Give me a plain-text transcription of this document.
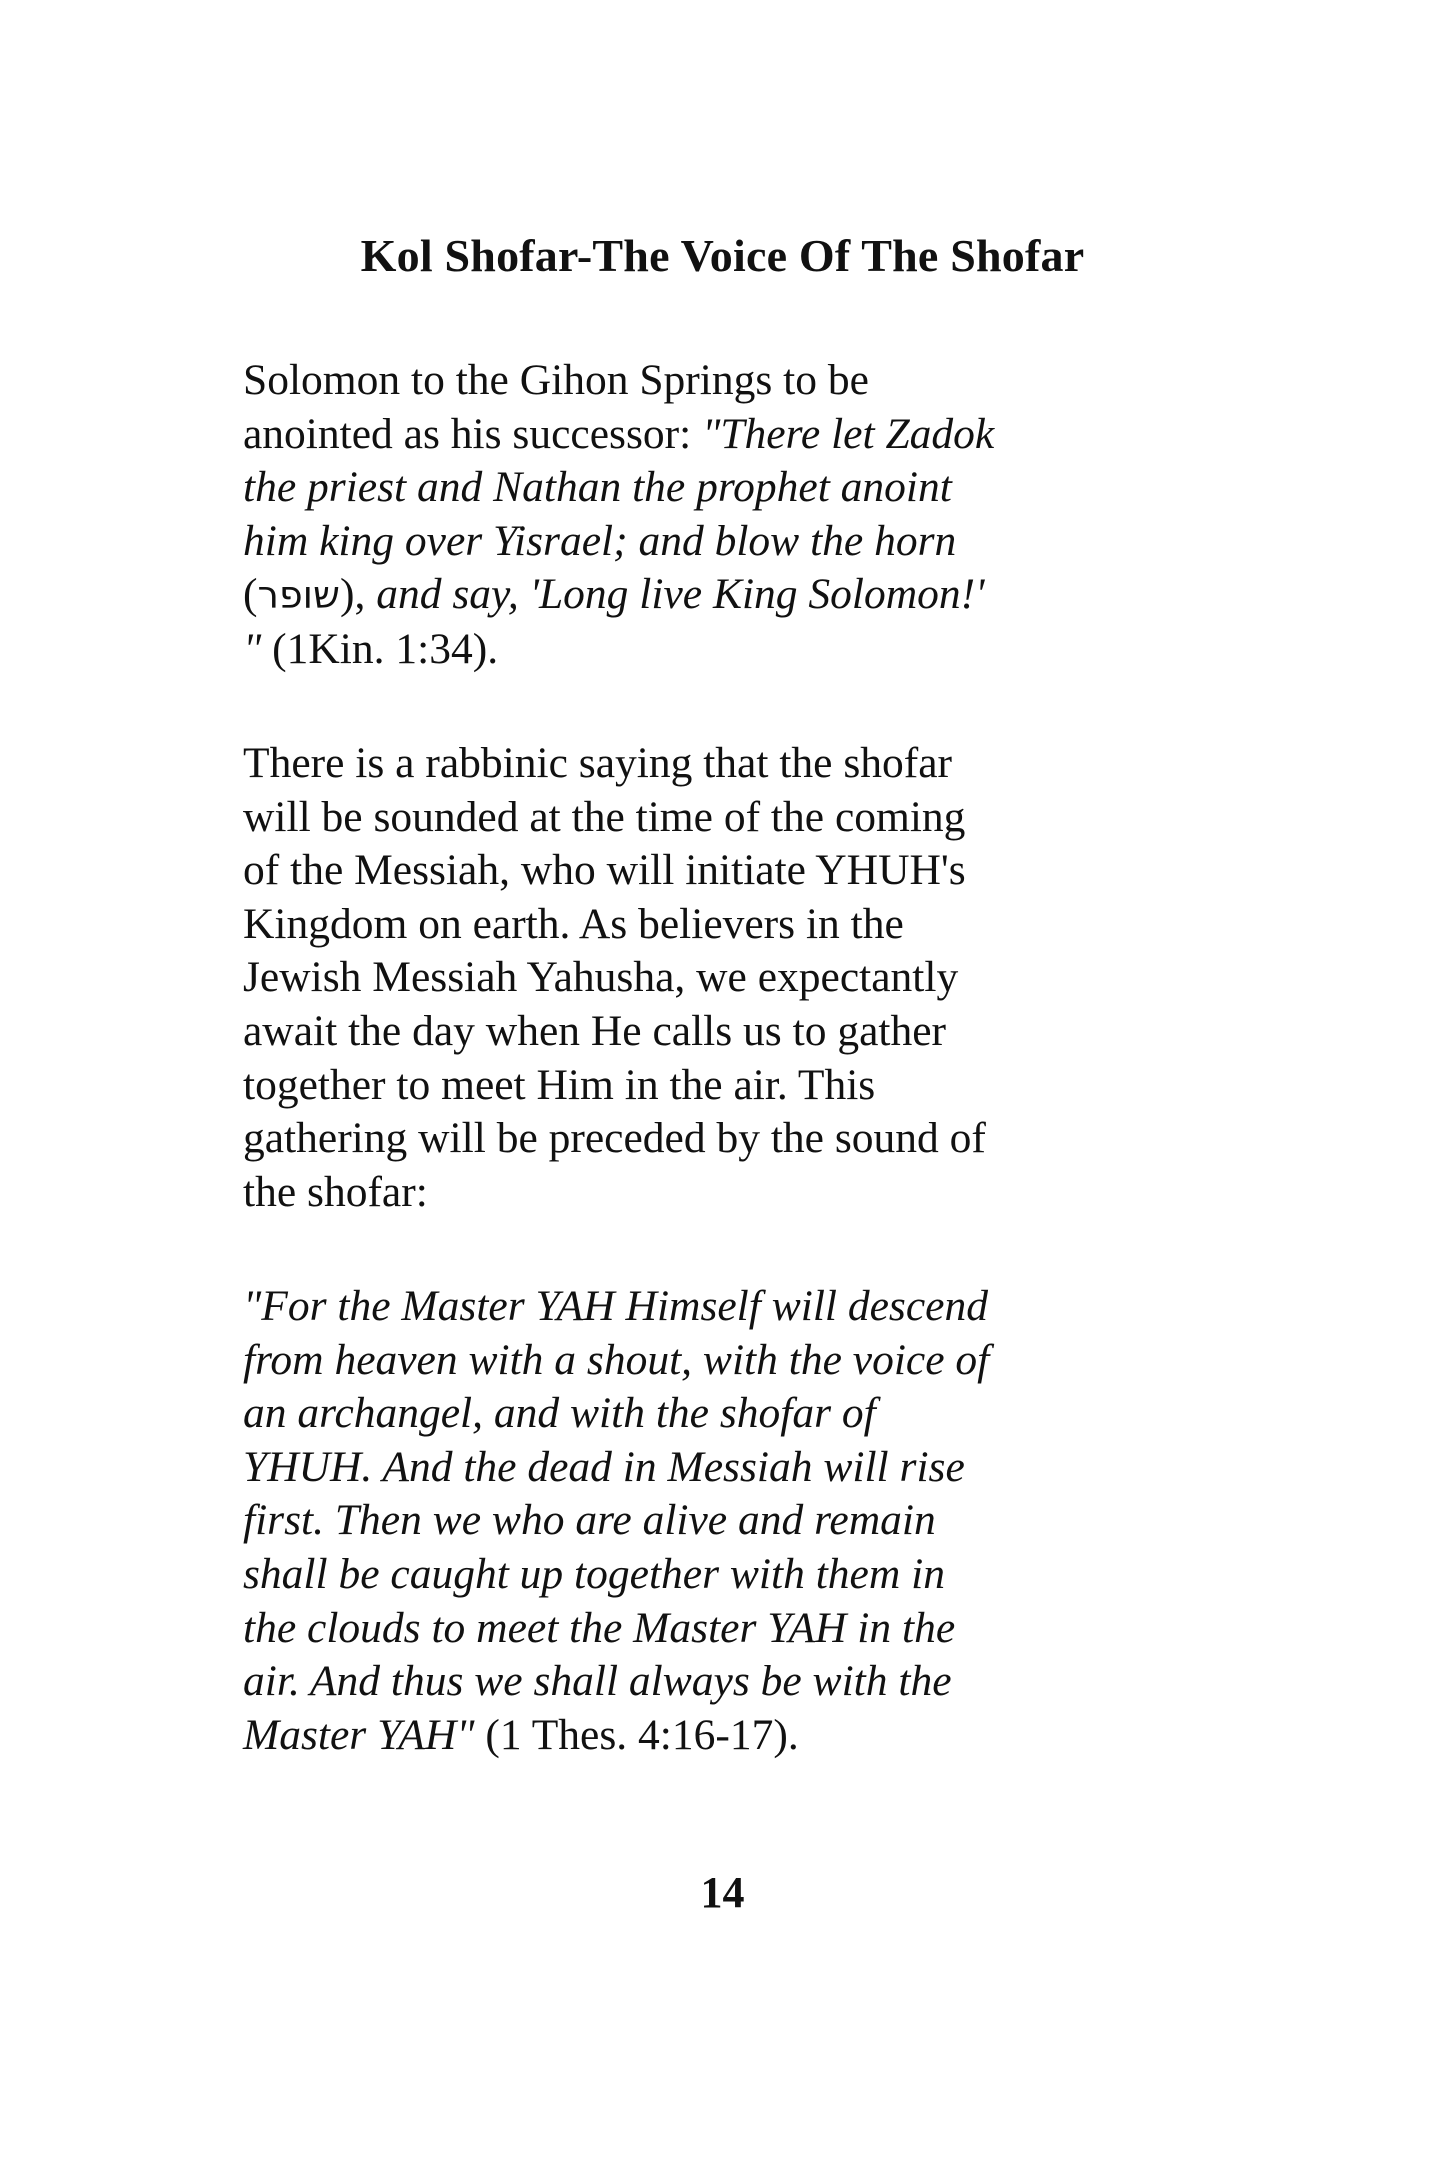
Kol Shofar-The Voice Of The Shofar
Solomon to the Gihon Springs to be
anointed as his successor: "There let Zadok
the priest and Nathan the prophet anoint
him king over Yisrael; and blow the horn
(שופר), and say, 'Long live King Solomon!'
" (1Kin. 1:34).
There is a rabbinic saying that the shofar
will be sounded at the time of the coming
of the Messiah, who will initiate YHUH's
Kingdom on earth. As believers in the
Jewish Messiah Yahusha, we expectantly
await the day when He calls us to gather
together to meet Him in the air. This
gathering will be preceded by the sound of
the shofar:
"For the Master YAH Himself will descend
from heaven with a shout, with the voice of
an archangel, and with the shofar of
YHUH. And the dead in Messiah will rise
first. Then we who are alive and remain
shall be caught up together with them in
the clouds to meet the Master YAH in the
air. And thus we shall always be with the
Master YAH" (1 Thes. 4:16-17).
14
